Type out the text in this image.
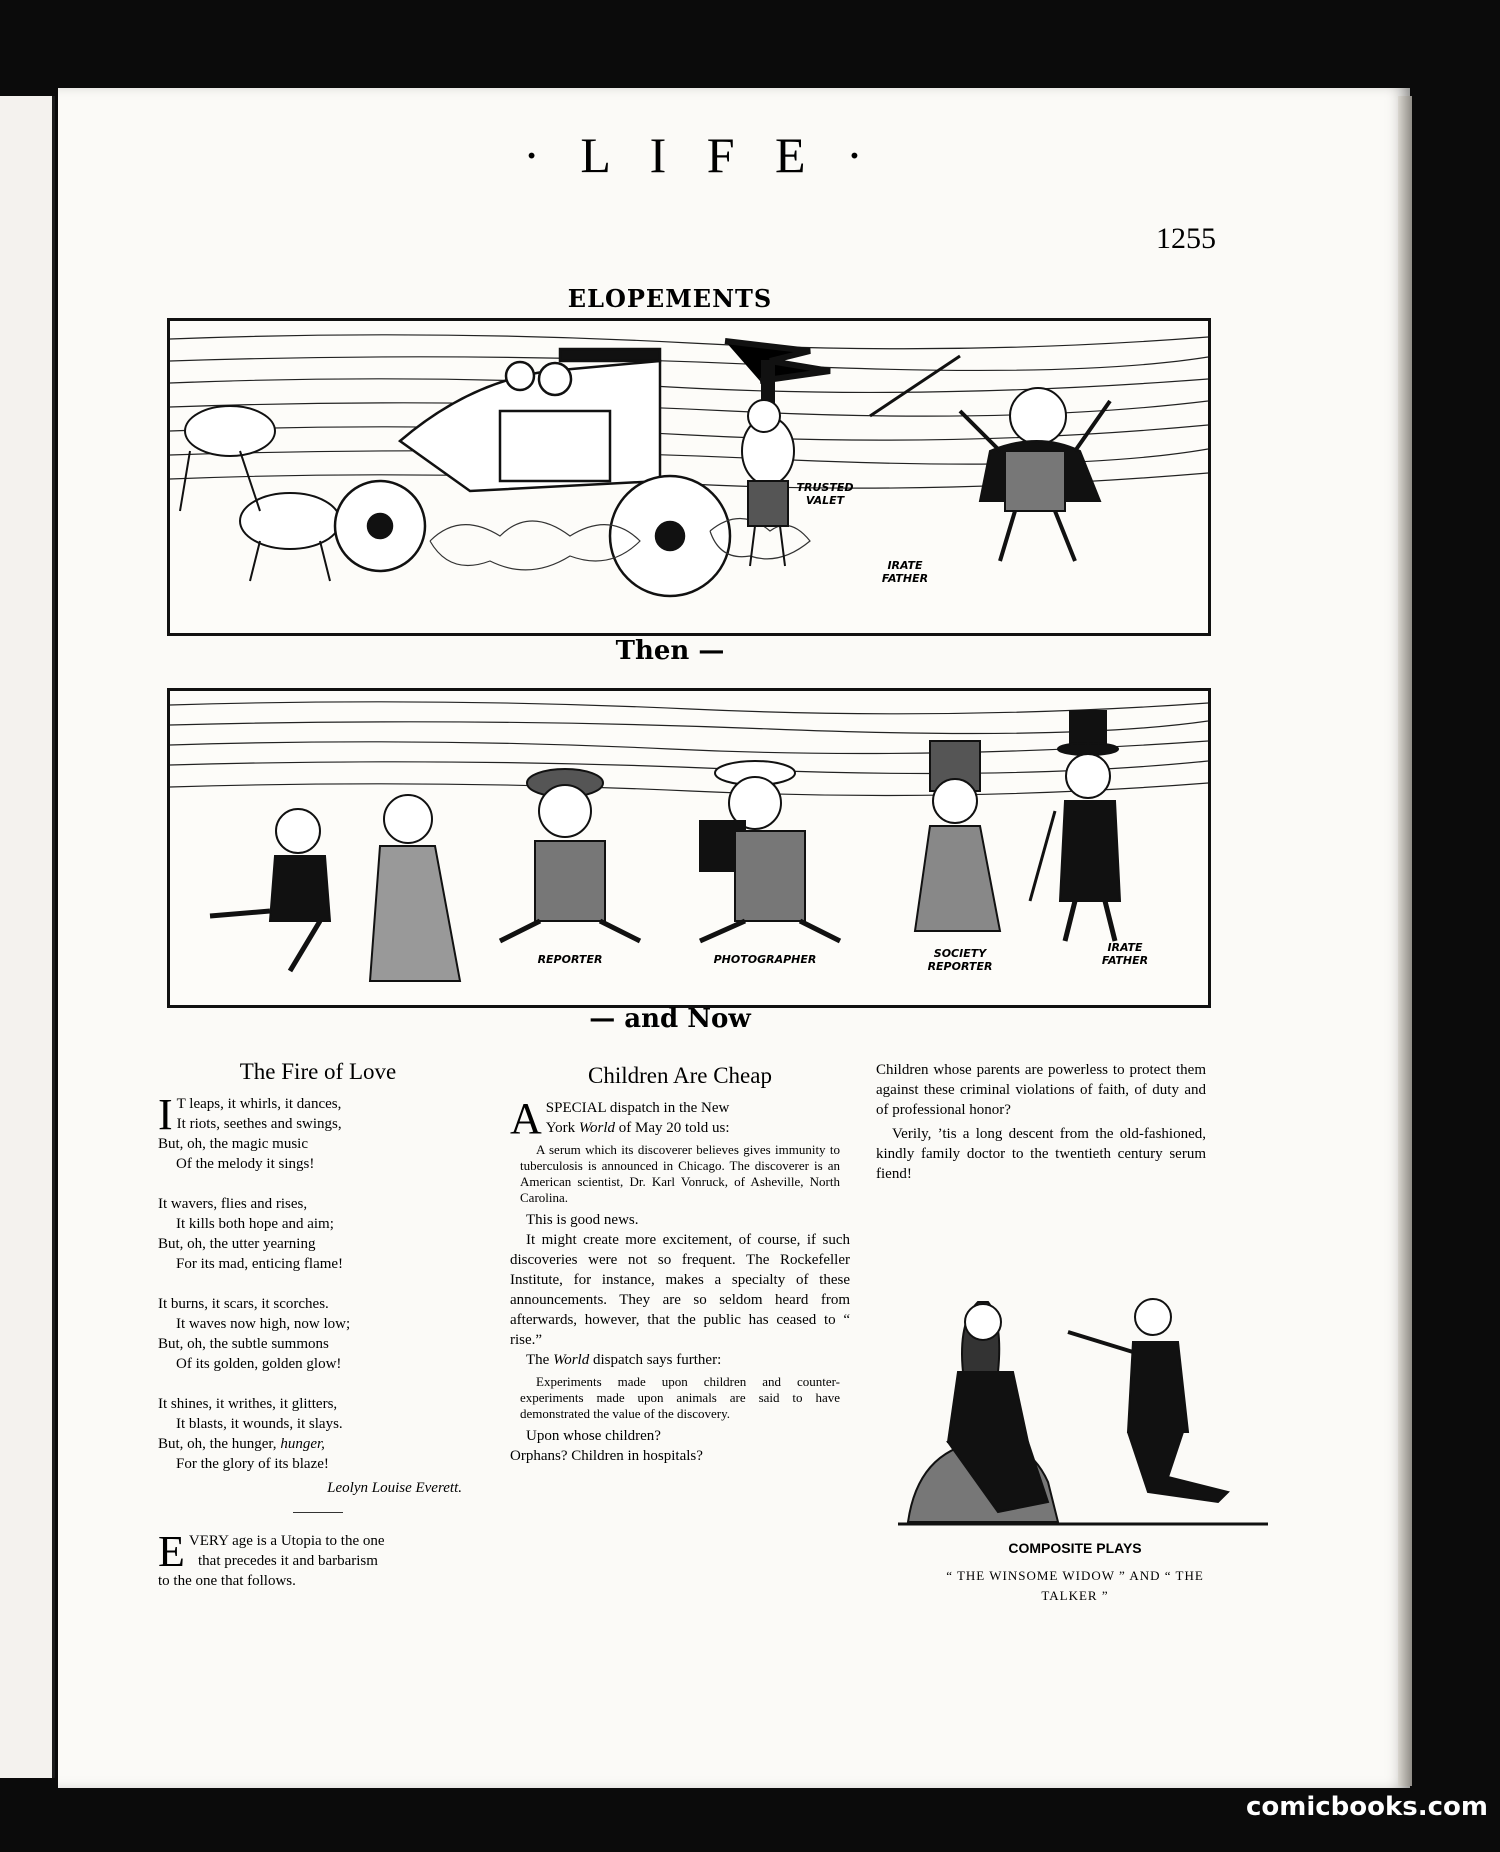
· L I F E ·
1255
ELOPEMENTS
TRUSTED VALET
IRATE FATHER
Then —
REPORTER	PHOTOGRAPHER	SOCIETY REPORTER
IRATE FATHER
— and Now
The Fire of Love
I T leaps, it whirls, it dances,
It riots, seethes and swings,
But, oh, the magic music
Of the melody it sings!
It wavers, flies and rises,
It kills both hope and aim;
But, oh, the utter yearning
For its mad, enticing flame!
It burns, it scars, it scorches.
It waves now high, now low;
But, oh, the subtle summons
Of its golden, golden glow!
It shines, it writhes, it glitters,
It blasts, it wounds, it slays.
But, oh, the hunger, hunger,
For the glory of its blaze!
Leolyn Louise Everett.
E VERY age is a Utopia to the one
that precedes it and barbarism
to the one that follows.
Children Are Cheap
A SPECIAL dispatch in the New
York World of May 20 told us:
A serum which its discoverer believes gives immunity to tuberculosis is announced in Chicago. The discoverer is an American scientist, Dr. Karl Vonruck, of Asheville, North Carolina.
This is good news.
It might create more excitement, of course, if such discoveries were not so frequent. The Rockefeller Institute, for instance, makes a specialty of these announcements. They are so seldom heard from afterwards, however, that the public has ceased to “ rise.”
The World dispatch says further:
Experiments made upon children and counter-experiments made upon animals are said to have demonstrated the value of the discovery.
Upon whose children?
Orphans? Children in hospitals?
Children whose parents are powerless to protect them against these criminal violations of faith, of duty and of professional honor?
Verily, ’tis a long descent from the old-fashioned, kindly family doctor to the twentieth century serum fiend!
COMPOSITE PLAYS
“ THE WINSOME WIDOW ” AND “ THE
TALKER ”
comicbooks.com
